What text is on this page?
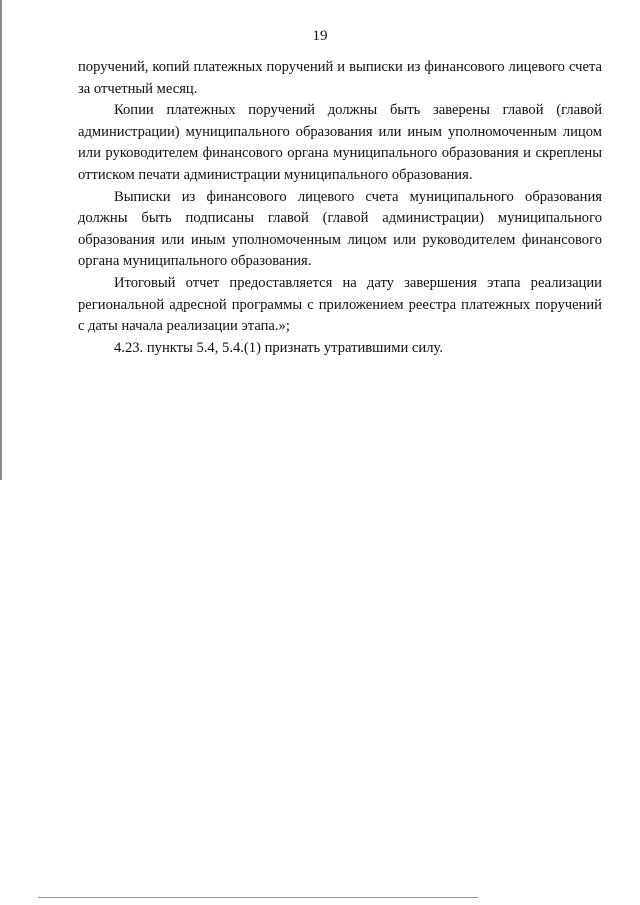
19

поручений, копий платежных поручений и выписки из финансового лицевого счета за отчетный месяц.

Копии платежных поручений должны быть заверены главой (главой администрации) муниципального образования или иным уполномоченным лицом или руководителем финансового органа муниципального образования и скреплены оттиском печати администрации муниципального образования.

Выписки из финансового лицевого счета муниципального образования должны быть подписаны главой (главой администрации) муниципального образования или иным уполномоченным лицом или руководителем финансового органа муниципального образования.

Итоговый отчет предоставляется на дату завершения этапа реализации региональной адресной программы с приложением реестра платежных поручений с даты начала реализации этапа.»;

4.23. пункты 5.4, 5.4.(1) признать утратившими силу.
